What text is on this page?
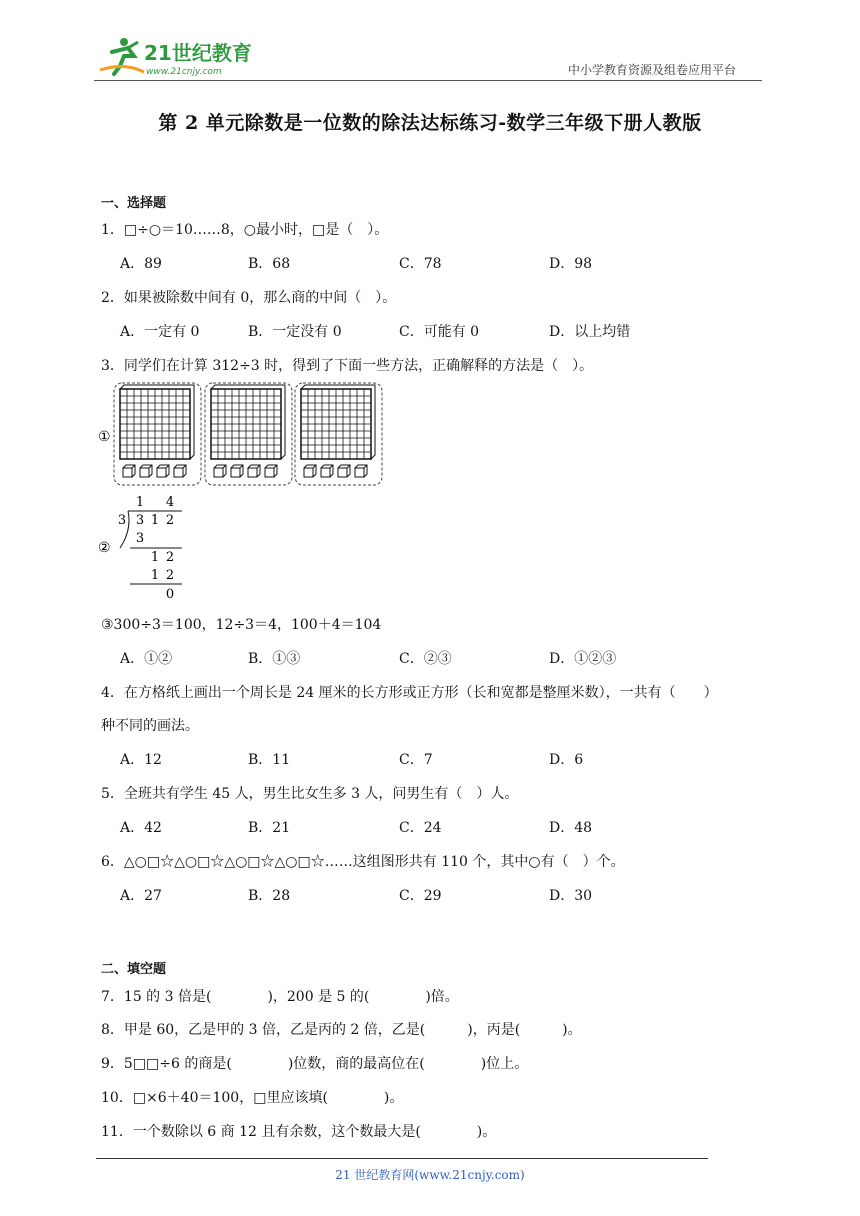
21世纪教育
www.21cnjy.com	中小学教育资源及组卷应用平台
第 2 单元除数是一位数的除法达标练习-数学三年级下册人教版
一、选择题
1．□÷○＝10……8，○最小时，□是（　）。
A．89	B．68	C．78	D．98
2．如果被除数中间有 0，那么商的中间（　）。
A．一定有 0	B．一定没有 0	C．可能有 0	D．以上均错
3．同学们在计算 312÷3 时，得到了下面一些方法，正确解释的方法是（　）。
①
②
1 4
3 3 1 2
3
1 2
1 2
0
③300÷3＝100，12÷3＝4，100＋4＝104
A．①②	B．①③	C．②③	D．①②③
4．在方格纸上画出一个周长是 24 厘米的长方形或正方形（长和宽都是整厘米数），一共有（　　）
种不同的画法。
A．12	B．11	C．7	D．6
5．全班共有学生 45 人，男生比女生多 3 人，问男生有（　）人。
A．42	B．21	C．24	D．48
6．△○□☆△○□☆△○□☆△○□☆……这组图形共有 110 个，其中○有（　）个。
A．27	B．28	C．29	D．30
二、填空题
7．15 的 3 倍是(　　　　)，200 是 5 的(　　　　)倍。
8．甲是 60，乙是甲的 3 倍，乙是丙的 2 倍，乙是(　　　)，丙是(　　　)。
9．5□□÷6 的商是(　　　　)位数，商的最高位在(　　　　)位上。
10．□×6＋40＝100，□里应该填(　　　　)。
11．一个数除以 6 商 12 且有余数，这个数最大是(　　　　)。
21 世纪教育网(www.21cnjy.com)
